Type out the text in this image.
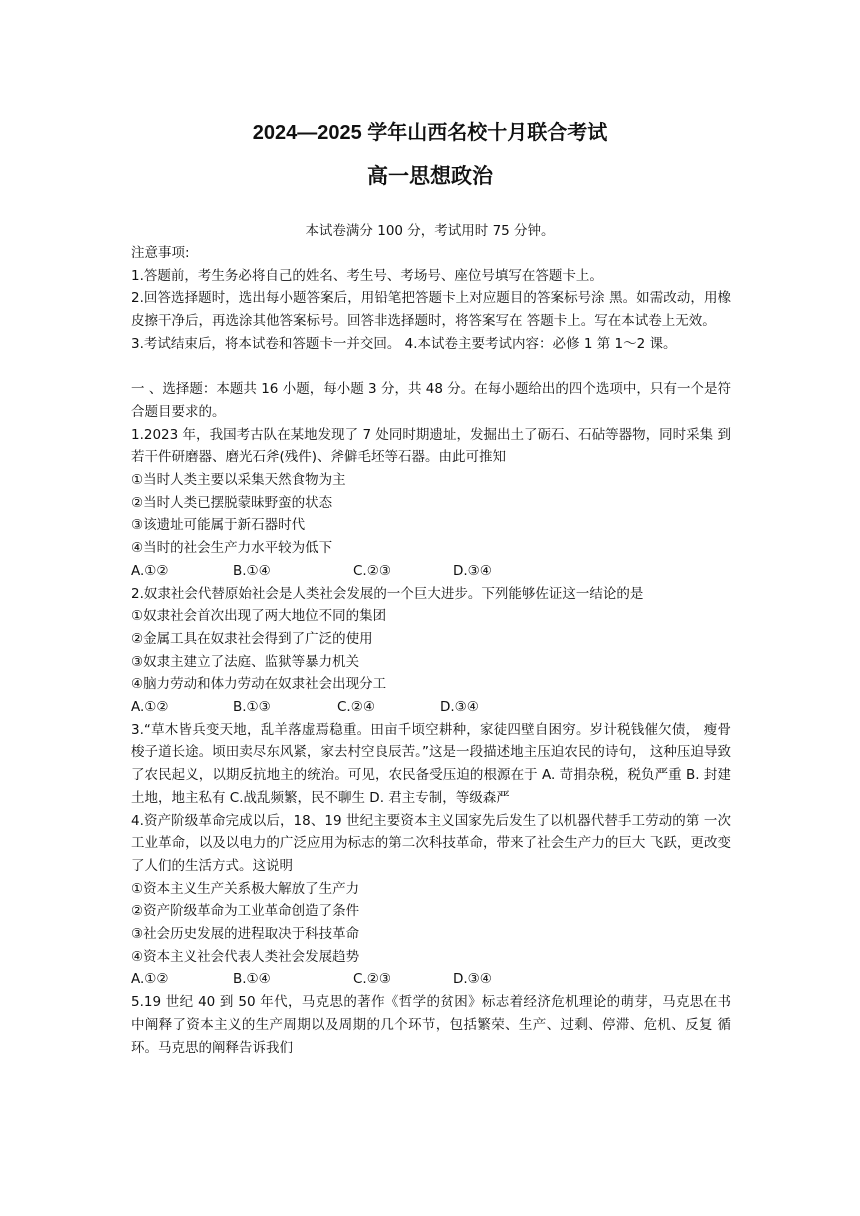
2024—2025 学年山西名校十月联合考试
高一思想政治
本试卷满分 100 分，考试用时 75 分钟。

注意事项:

1.答题前，考生务必将自己的姓名、考生号、考场号、座位号填写在答题卡上。

2.回答选择题时，选出每小题答案后，用铅笔把答题卡上对应题目的答案标号涂 黑。如需改动，用橡皮擦干净后，再选涂其他答案标号。回答非选择题时，将答案写在 答题卡上。写在本试卷上无效。

3.考试结束后，将本试卷和答题卡一并交回。 4.本试卷主要考试内容：必修 1 第 1～2 课。

一 、选择题：本题共 16 小题，每小题 3 分，共 48 分。在每小题给出的四个选项中，只有一个是符合题目要求的。

1.2023 年，我国考古队在某地发现了 7 处同时期遗址，发掘出土了砺石、石砧等器物，同时采集 到若干件研磨器、磨光石斧(残件)、斧僻毛坯等石器。由此可推知

①当时人类主要以采集天然食物为主

②当时人类已摆脱蒙昧野蛮的状态

③该遗址可能属于新石器时代

④当时的社会生产力水平较为低下

A.①②	B.①④	C.②③	D.③④

2.奴隶社会代替原始社会是人类社会发展的一个巨大进步。下列能够佐证这一结论的是

①奴隶社会首次出现了两大地位不同的集团

②金属工具在奴隶社会得到了广泛的使用

③奴隶主建立了法庭、监狱等暴力机关

④脑力劳动和体力劳动在奴隶社会出现分工

A.①②	B.①③	C.②④	D.③④

3.“草木皆兵变天地，乱羊落虚焉稳重。田亩千顷空耕种，家徒四壁自困穷。岁计税钱催欠债， 瘦骨梭子道长途。顷田卖尽东风紧，家去村空良辰苦。”这是一段描述地主压迫农民的诗句， 这种压迫导致了农民起义，以期反抗地主的统治。可见，农民备受压迫的根源在于 A. 苛捐杂税，税负严重 B. 封建土地，地主私有 C.战乱频繁，民不聊生 D. 君主专制，等级森严

4.资产阶级革命完成以后，18、19 世纪主要资本主义国家先后发生了以机器代替手工劳动的第 一次工业革命，以及以电力的广泛应用为标志的第二次科技革命，带来了社会生产力的巨大 飞跃，更改变了人们的生活方式。这说明

①资本主义生产关系极大解放了生产力

②资产阶级革命为工业革命创造了条件

③社会历史发展的进程取决于科技革命

④资本主义社会代表人类社会发展趋势

A.①②	B.①④	C.②③	D.③④

5.19 世纪 40 到 50 年代，马克思的著作《哲学的贫困》标志着经济危机理论的萌芽，马克思在书 中阐释了资本主义的生产周期以及周期的几个环节，包括繁荣、生产、过剩、停滞、危机、反复 循环。马克思的阐释告诉我们
